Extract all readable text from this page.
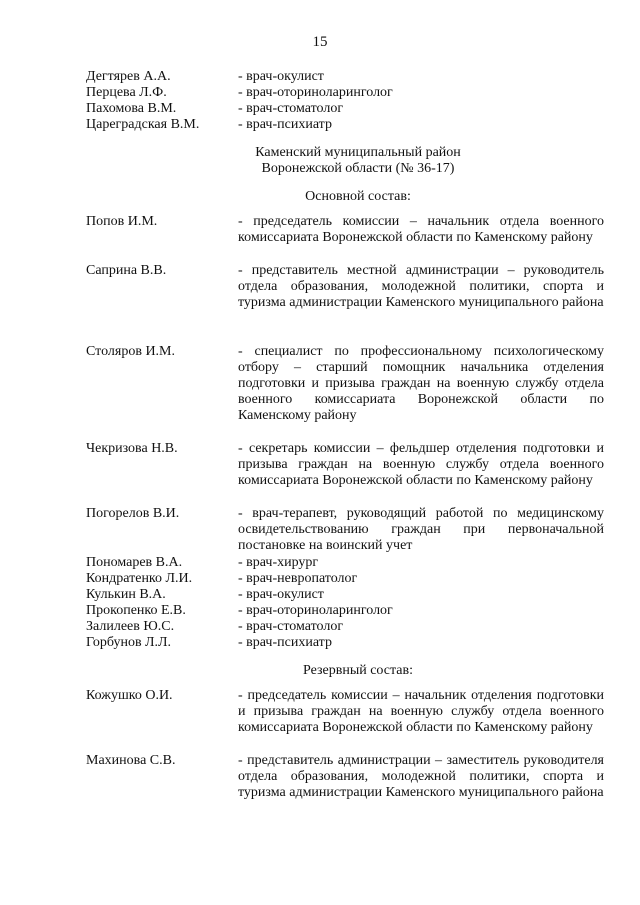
15
Дегтярев А.А.	- врач-окулист
Перцева Л.Ф.	- врач-оториноларинголог
Пахомова В.М.	- врач-стоматолог
Цареградская В.М.	- врач-психиатр
Каменский муниципальный район
Воронежской области (№ 36-17)
Основной состав:
Попов И.М.	- председатель комиссии – начальник отдела военного комиссариата Воронежской области по Каменскому району
Саприна В.В.	- представитель местной администрации – руководитель отдела образования, молодежной политики, спорта и туризма администрации Каменского муниципального района
Столяров И.М.	- специалист по профессиональному психологическому отбору – старший помощник начальника отделения подготовки и призыва граждан на военную службу отдела военного комиссариата Воронежской области по Каменскому району
Чекризова Н.В.	- секретарь комиссии – фельдшер отделения подготовки и призыва граждан на военную службу отдела военного комиссариата Воронежской области по Каменскому району
Погорелов В.И.	- врач-терапевт, руководящий работой по медицинскому освидетельствованию граждан при первоначальной постановке на воинский учет
Пономарев В.А.	- врач-хирург
Кондратенко Л.И.	- врач-невропатолог
Кулькин В.А.	- врач-окулист
Прокопенко Е.В.	- врач-оториноларинголог
Залилеев Ю.С.	- врач-стоматолог
Горбунов Л.Л.	- врач-психиатр
Резервный состав:
Кожушко О.И.	- председатель комиссии – начальник отделения подготовки и призыва граждан на военную службу отдела военного комиссариата Воронежской области по Каменскому району
Махинова С.В.	- представитель администрации – заместитель руководителя отдела образования, молодежной политики, спорта и туризма администрации Каменского муниципального района
